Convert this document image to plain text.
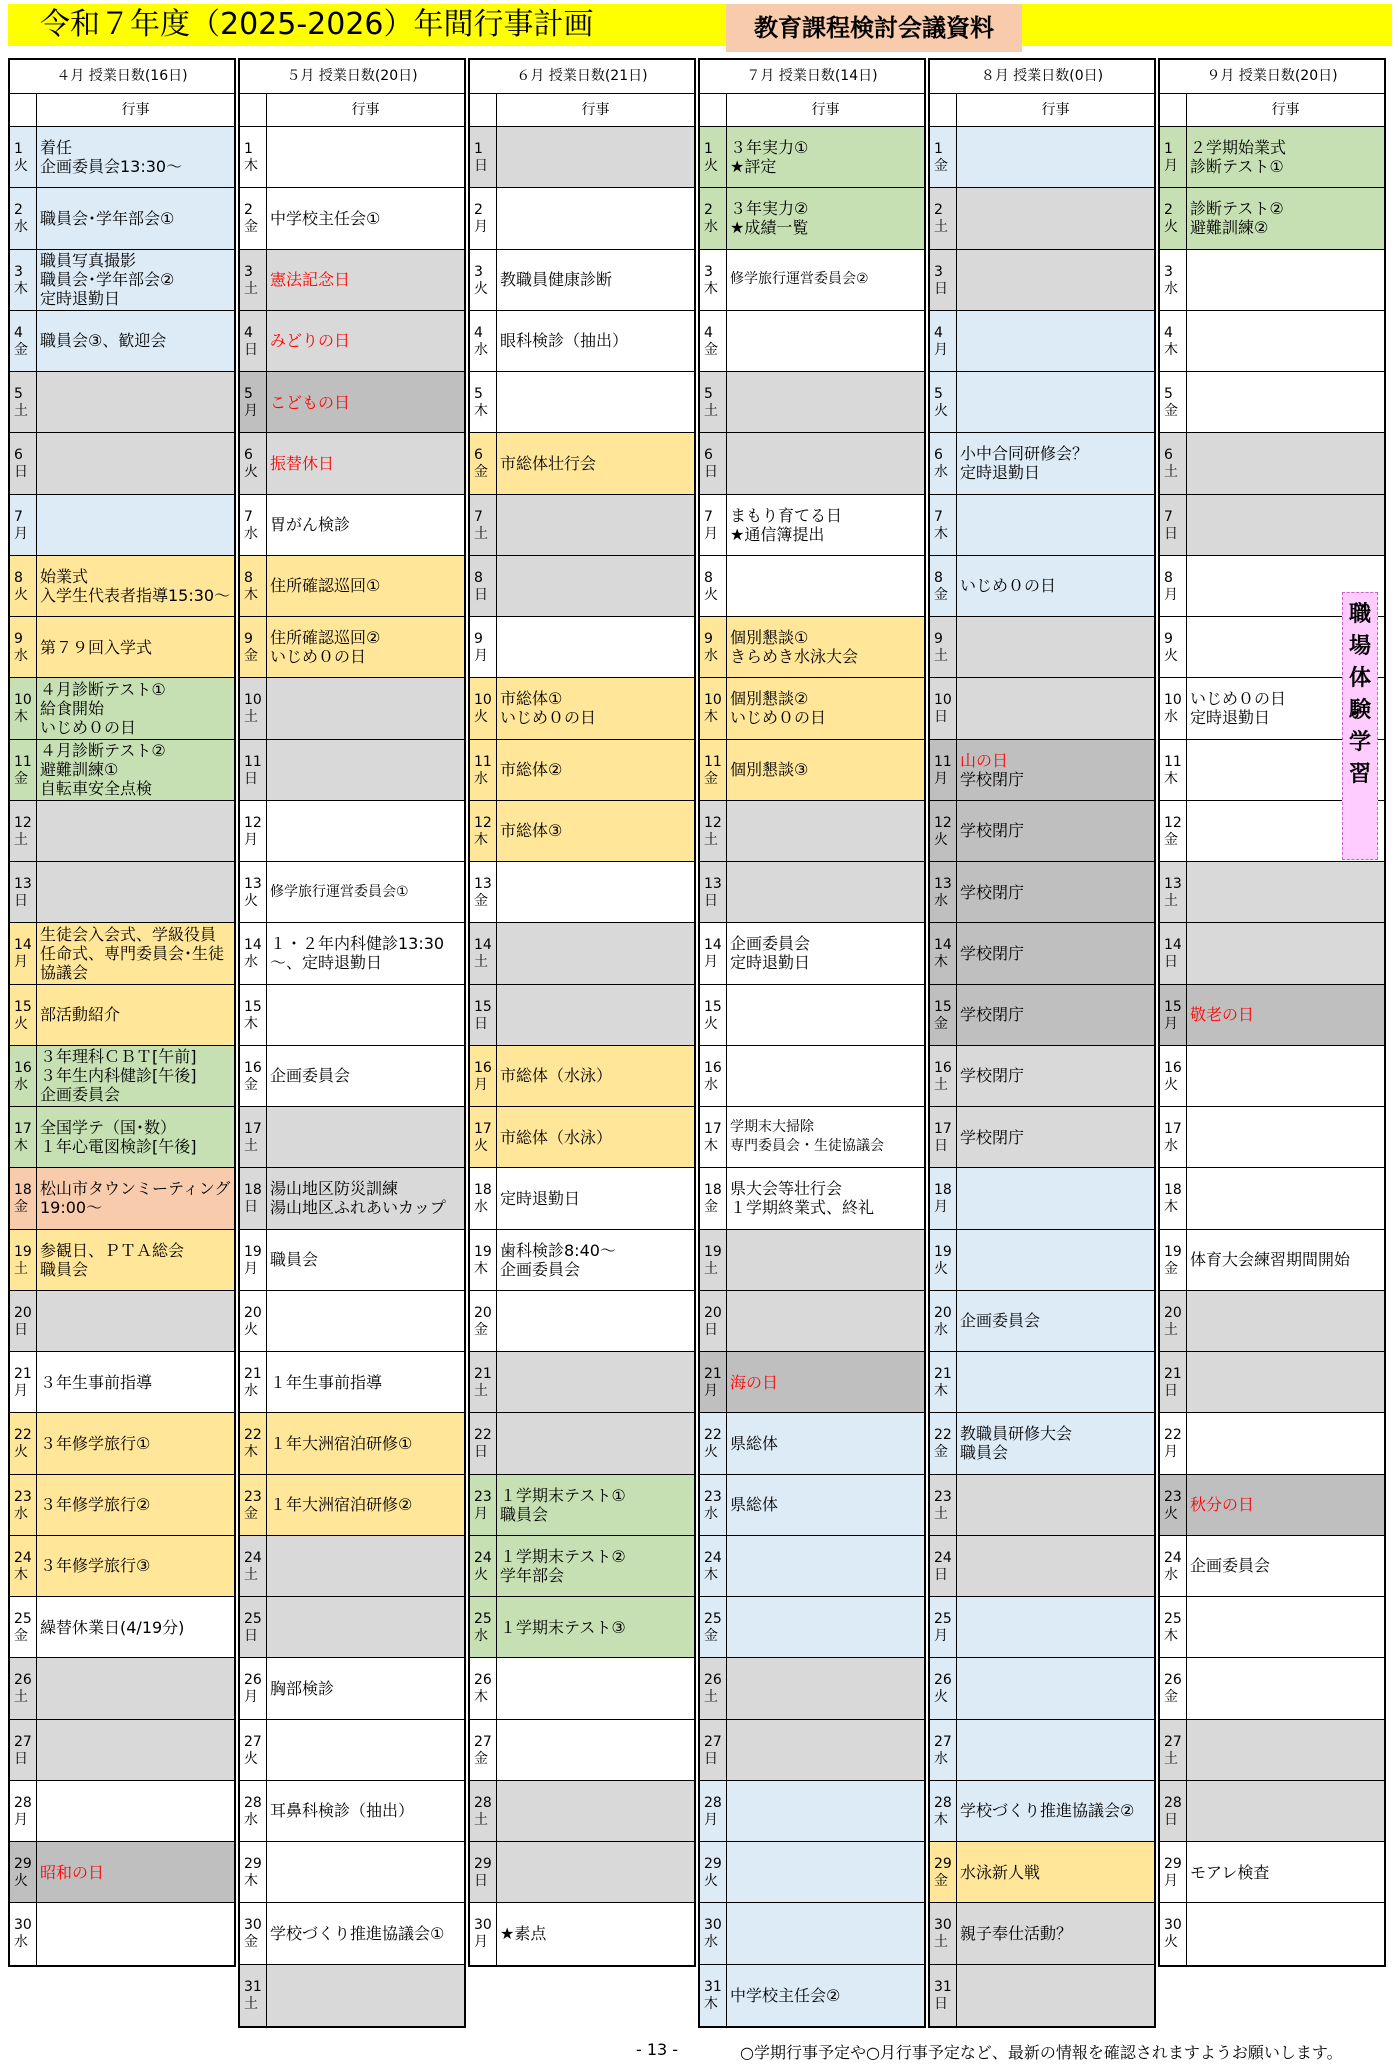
令和７年度（2025-2026）年間行事計画	教育課程検討会議資料
４月 授業日数(16日)
行事
1
火
着任
企画委員会13:30～
2
水 職員会･学年部会①
3
木
職員写真撮影
職員会･学年部会②
定時退勤日
4
金 職員会③、歓迎会
5
土
6
日
7
月
8
火
始業式
入学生代表者指導15:30～
9
水 第７９回入学式
10
木
４月診断テスト①
給食開始
いじめ０の日
11
金
４月診断テスト②
避難訓練①
自転車安全点検
12
土
13
日
14
月
生徒会入会式、学級役員任命式、専門委員会･生徒協議会
15
火 部活動紹介
16
水
３年理科ＣＢＴ[午前]
３年生内科健診[午後]
企画委員会
17
木
全国学テ（国･数）
１年心電図検診[午後]
18
金
松山市タウンミーティング19:00～
19
土
参観日、ＰＴＡ総会
職員会
20
日
21
月 ３年生事前指導
22
火 ３年修学旅行①
23
水 ３年修学旅行②
24
木 ３年修学旅行③
25
金 繰替休業日(4/19分)
26
土
27
日
28
月
29
火 昭和の日
30
水
５月 授業日数(20日)
行事
1
木
2
金 中学校主任会①
3
土 憲法記念日
4
日 みどりの日
5
月 こどもの日
6
火 振替休日
7
水 胃がん検診
8
木 住所確認巡回①
9
金
住所確認巡回②
いじめ０の日
10
土
11
日
12
月
13
火
修学旅行運営委員会①
14
水
１・２年内科健診13:30～、定時退勤日
15
木
16
金 企画委員会
17
土
18
日
湯山地区防災訓練
湯山地区ふれあいカップ
19
月 職員会
20
火
21
水 １年生事前指導
22
木 １年大洲宿泊研修①
23
金 １年大洲宿泊研修②
24
土
25
日
26
月 胸部検診
27
火
28
水 耳鼻科検診（抽出）
29
木
30
金 学校づくり推進協議会①
31
土
６月 授業日数(21日)
行事
1
日
2
月
3
火 教職員健康診断
4
水 眼科検診（抽出）
5
木
6
金 市総体壮行会
7
土
8
日
9
月
10
火
市総体①
いじめ０の日
11
水 市総体②
12
木 市総体③
13
金
14
土
15
日
16
月 市総体（水泳）
17
火 市総体（水泳）
18
水 定時退勤日
19
木
歯科検診8:40～
企画委員会
20
金
21
土
22
日
23
月
１学期末テスト①
職員会
24
火
１学期末テスト②
学年部会
25
水 １学期末テスト③
26
木
27
金
28
土
29
日
30
月 ★素点
７月 授業日数(14日)
行事
1
火
３年実力①
★評定
2
水
３年実力②
★成績一覧
3
木
修学旅行運営委員会②
4
金
5
土
6
日
7
月
まもり育てる日
★通信簿提出
8
火
9
水
個別懇談①
きらめき水泳大会
10
木
個別懇談②
いじめ０の日
11
金 個別懇談③
12
土
13
日
14
月
企画委員会
定時退勤日
15
火
16
水
17
木
学期末大掃除
専門委員会・生徒協議会
18
金
県大会等壮行会
１学期終業式、終礼
19
土
20
日
21
月 海の日
22
火 県総体
23
水 県総体
24
木
25
金
26
土
27
日
28
月
29
火
30
水
31
木 中学校主任会②
８月 授業日数(0日)
行事
1
金
2
土
3
日
4
月
5
火
6
水
小中合同研修会？
定時退勤日
7
木
8
金 いじめ０の日
9
土
10
日
11
月
山の日
学校閉庁
12
火 学校閉庁
13
水 学校閉庁
14
木 学校閉庁
15
金 学校閉庁
16
土 学校閉庁
17
日 学校閉庁
18
月
19
火
20
水 企画委員会
21
木
22
金
教職員研修大会
職員会
23
土
24
日
25
月
26
火
27
水
28
木 学校づくり推進協議会②
29
金 水泳新人戦
30
土 親子奉仕活動？
31
日
９月 授業日数(20日)
行事
1
月
２学期始業式
診断テスト①
2
火
診断テスト②
避難訓練②
3
水
4
木
5
金
6
土
7
日
8
月
9
火
10
水
いじめ０の日
定時退勤日
11
木
12
金
13
土
14
日
15
月 敬老の日
16
火
17
水
18
木
19
金 体育大会練習期間開始
20
土
21
日
22
月
23
火 秋分の日
24
水 企画委員会
25
木
26
金
27
土
28
日
29
月 モアレ検査
30
火
職
場
体
験
学
習
- 13 -	○学期行事予定や○月行事予定など、最新の情報を確認されますようお願いします。
